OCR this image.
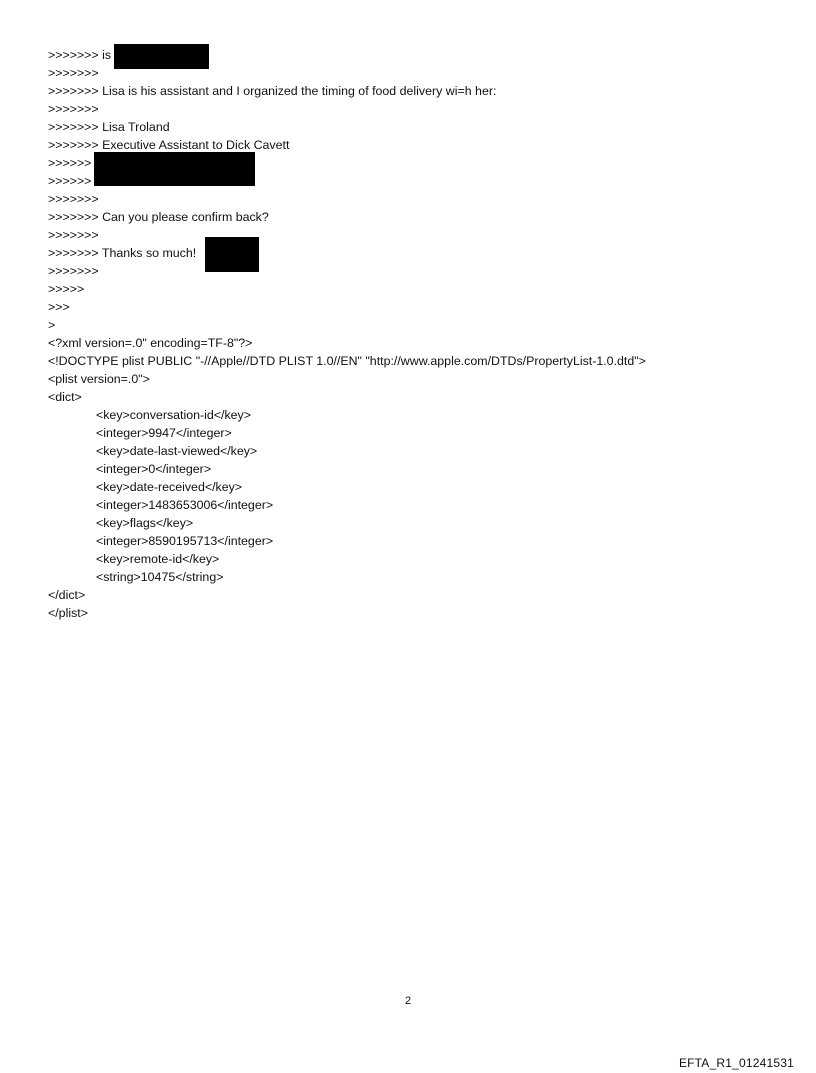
>>>>>>> is
>>>>>>>
>>>>>>> Lisa is his assistant and I organized the timing of food delivery wi=h her:
>>>>>>>
>>>>>>> Lisa Troland
>>>>>>> Executive Assistant to Dick Cavett
>>>>>>
>>>>>>
>>>>>>>
>>>>>>> Can you please confirm back?
>>>>>>>
>>>>>>> Thanks so much!
>>>>>>>
>>>>>
>>>
>
<?xml version=.0" encoding=TF-8"?>
<!DOCTYPE plist PUBLIC "-//Apple//DTD PLIST 1.0//EN" "http://www.apple.com/DTDs/PropertyList-1.0.dtd">
<plist version=.0">
<dict>
<key>conversation-id</key>
<integer>9947</integer>
<key>date-last-viewed</key>
<integer>0</integer>
<key>date-received</key>
<integer>1483653006</integer>
<key>flags</key>
<integer>8590195713</integer>
<key>remote-id</key>
<string>10475</string>
</dict>
</plist>
2
EFTA_R1_01241531
